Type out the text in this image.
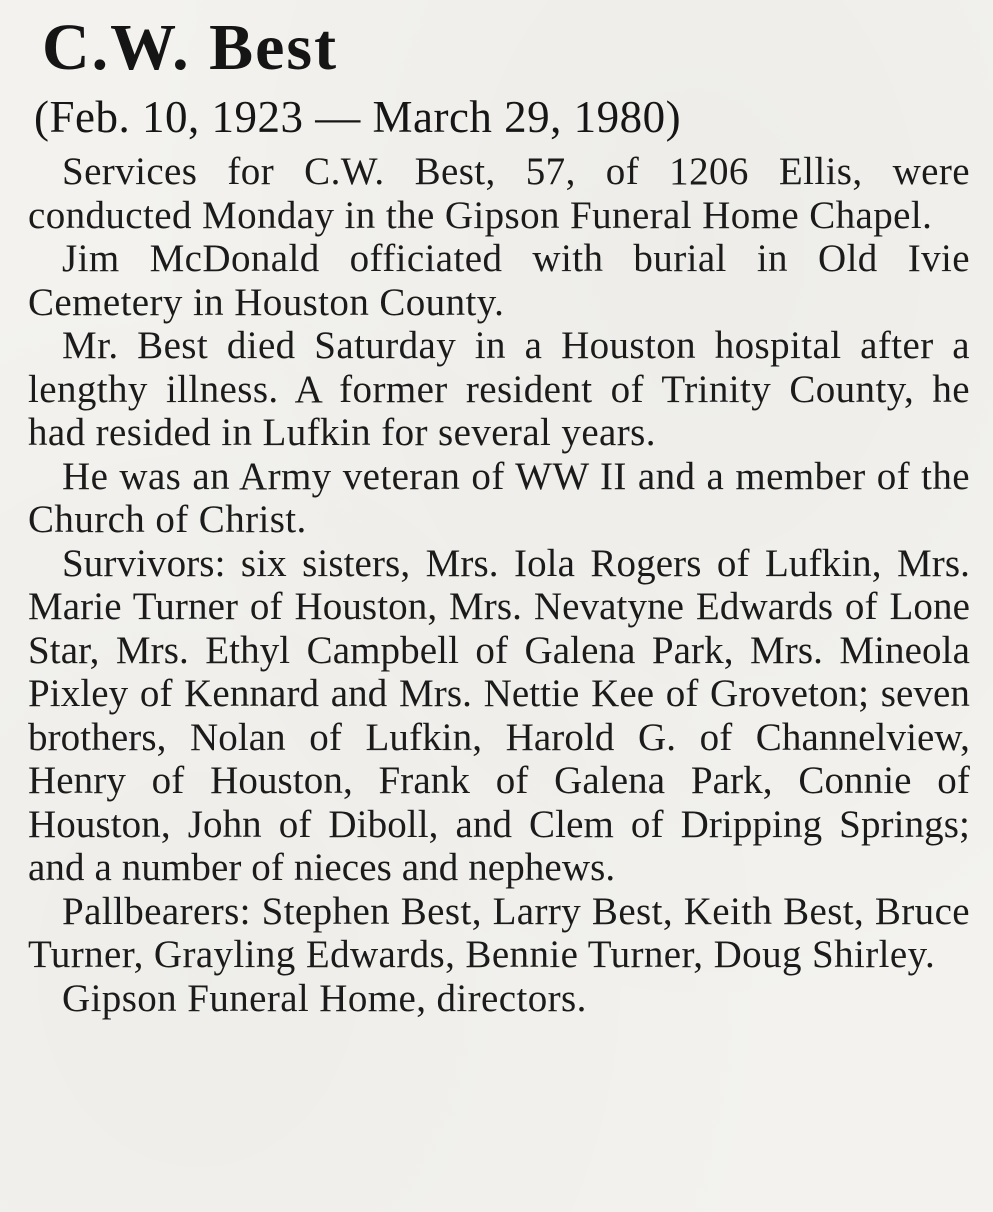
C.W. Best
(Feb. 10, 1923 — March 29, 1980)

Services for C.W. Best, 57, of 1206 Ellis, were conducted Monday in the Gipson Funeral Home Chapel.

Jim McDonald officiated with burial in Old Ivie Cemetery in Houston County.

Mr. Best died Saturday in a Houston hospital after a lengthy illness. A former resident of Trinity County, he had resided in Lufkin for several years.

He was an Army veteran of WW II and a member of the Church of Christ.

Survivors: six sisters, Mrs. Iola Rogers of Lufkin, Mrs. Marie Turner of Houston, Mrs. Nevatyne Edwards of Lone Star, Mrs. Ethyl Campbell of Galena Park, Mrs. Mineola Pixley of Kennard and Mrs. Nettie Kee of Groveton; seven brothers, Nolan of Lufkin, Harold G. of Channelview, Henry of Houston, Frank of Galena Park, Connie of Houston, John of Diboll, and Clem of Dripping Springs; and a number of nieces and nephews.

Pallbearers: Stephen Best, Larry Best, Keith Best, Bruce Turner, Grayling Edwards, Bennie Turner, Doug Shirley.

Gipson Funeral Home, directors.
